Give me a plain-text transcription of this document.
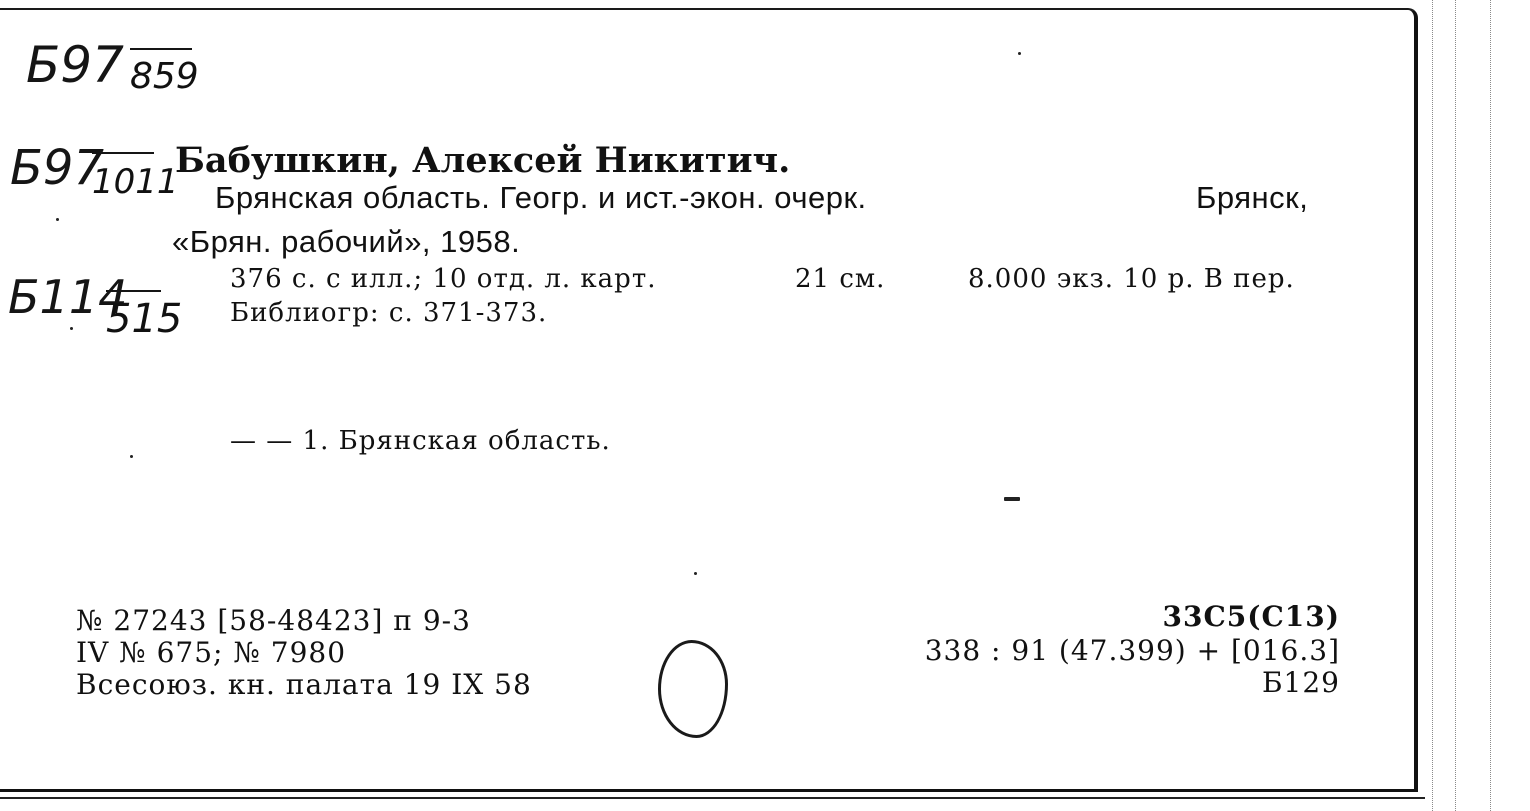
Б97 859
Б97
1011
Б114
515
Бабушкин, Алексей Никитич.
Брянская область. Геогр. и ист.-экон. очерк.	Брянск,
«Брян. рабочий», 1958.
376 с. с илл.; 10 отд. л. карт.	21 см.	8.000 экз. 10 р. В пер.
Библиогр: с. 371-373.
— — 1. Брянская область.
№ 27243 [58-48423] п 9-3
IV № 675; № 7980
Всесоюз. кн. палата 19 IX 58
33С5(С13)
338 : 91 (47.399) + [016.3]
Б129
